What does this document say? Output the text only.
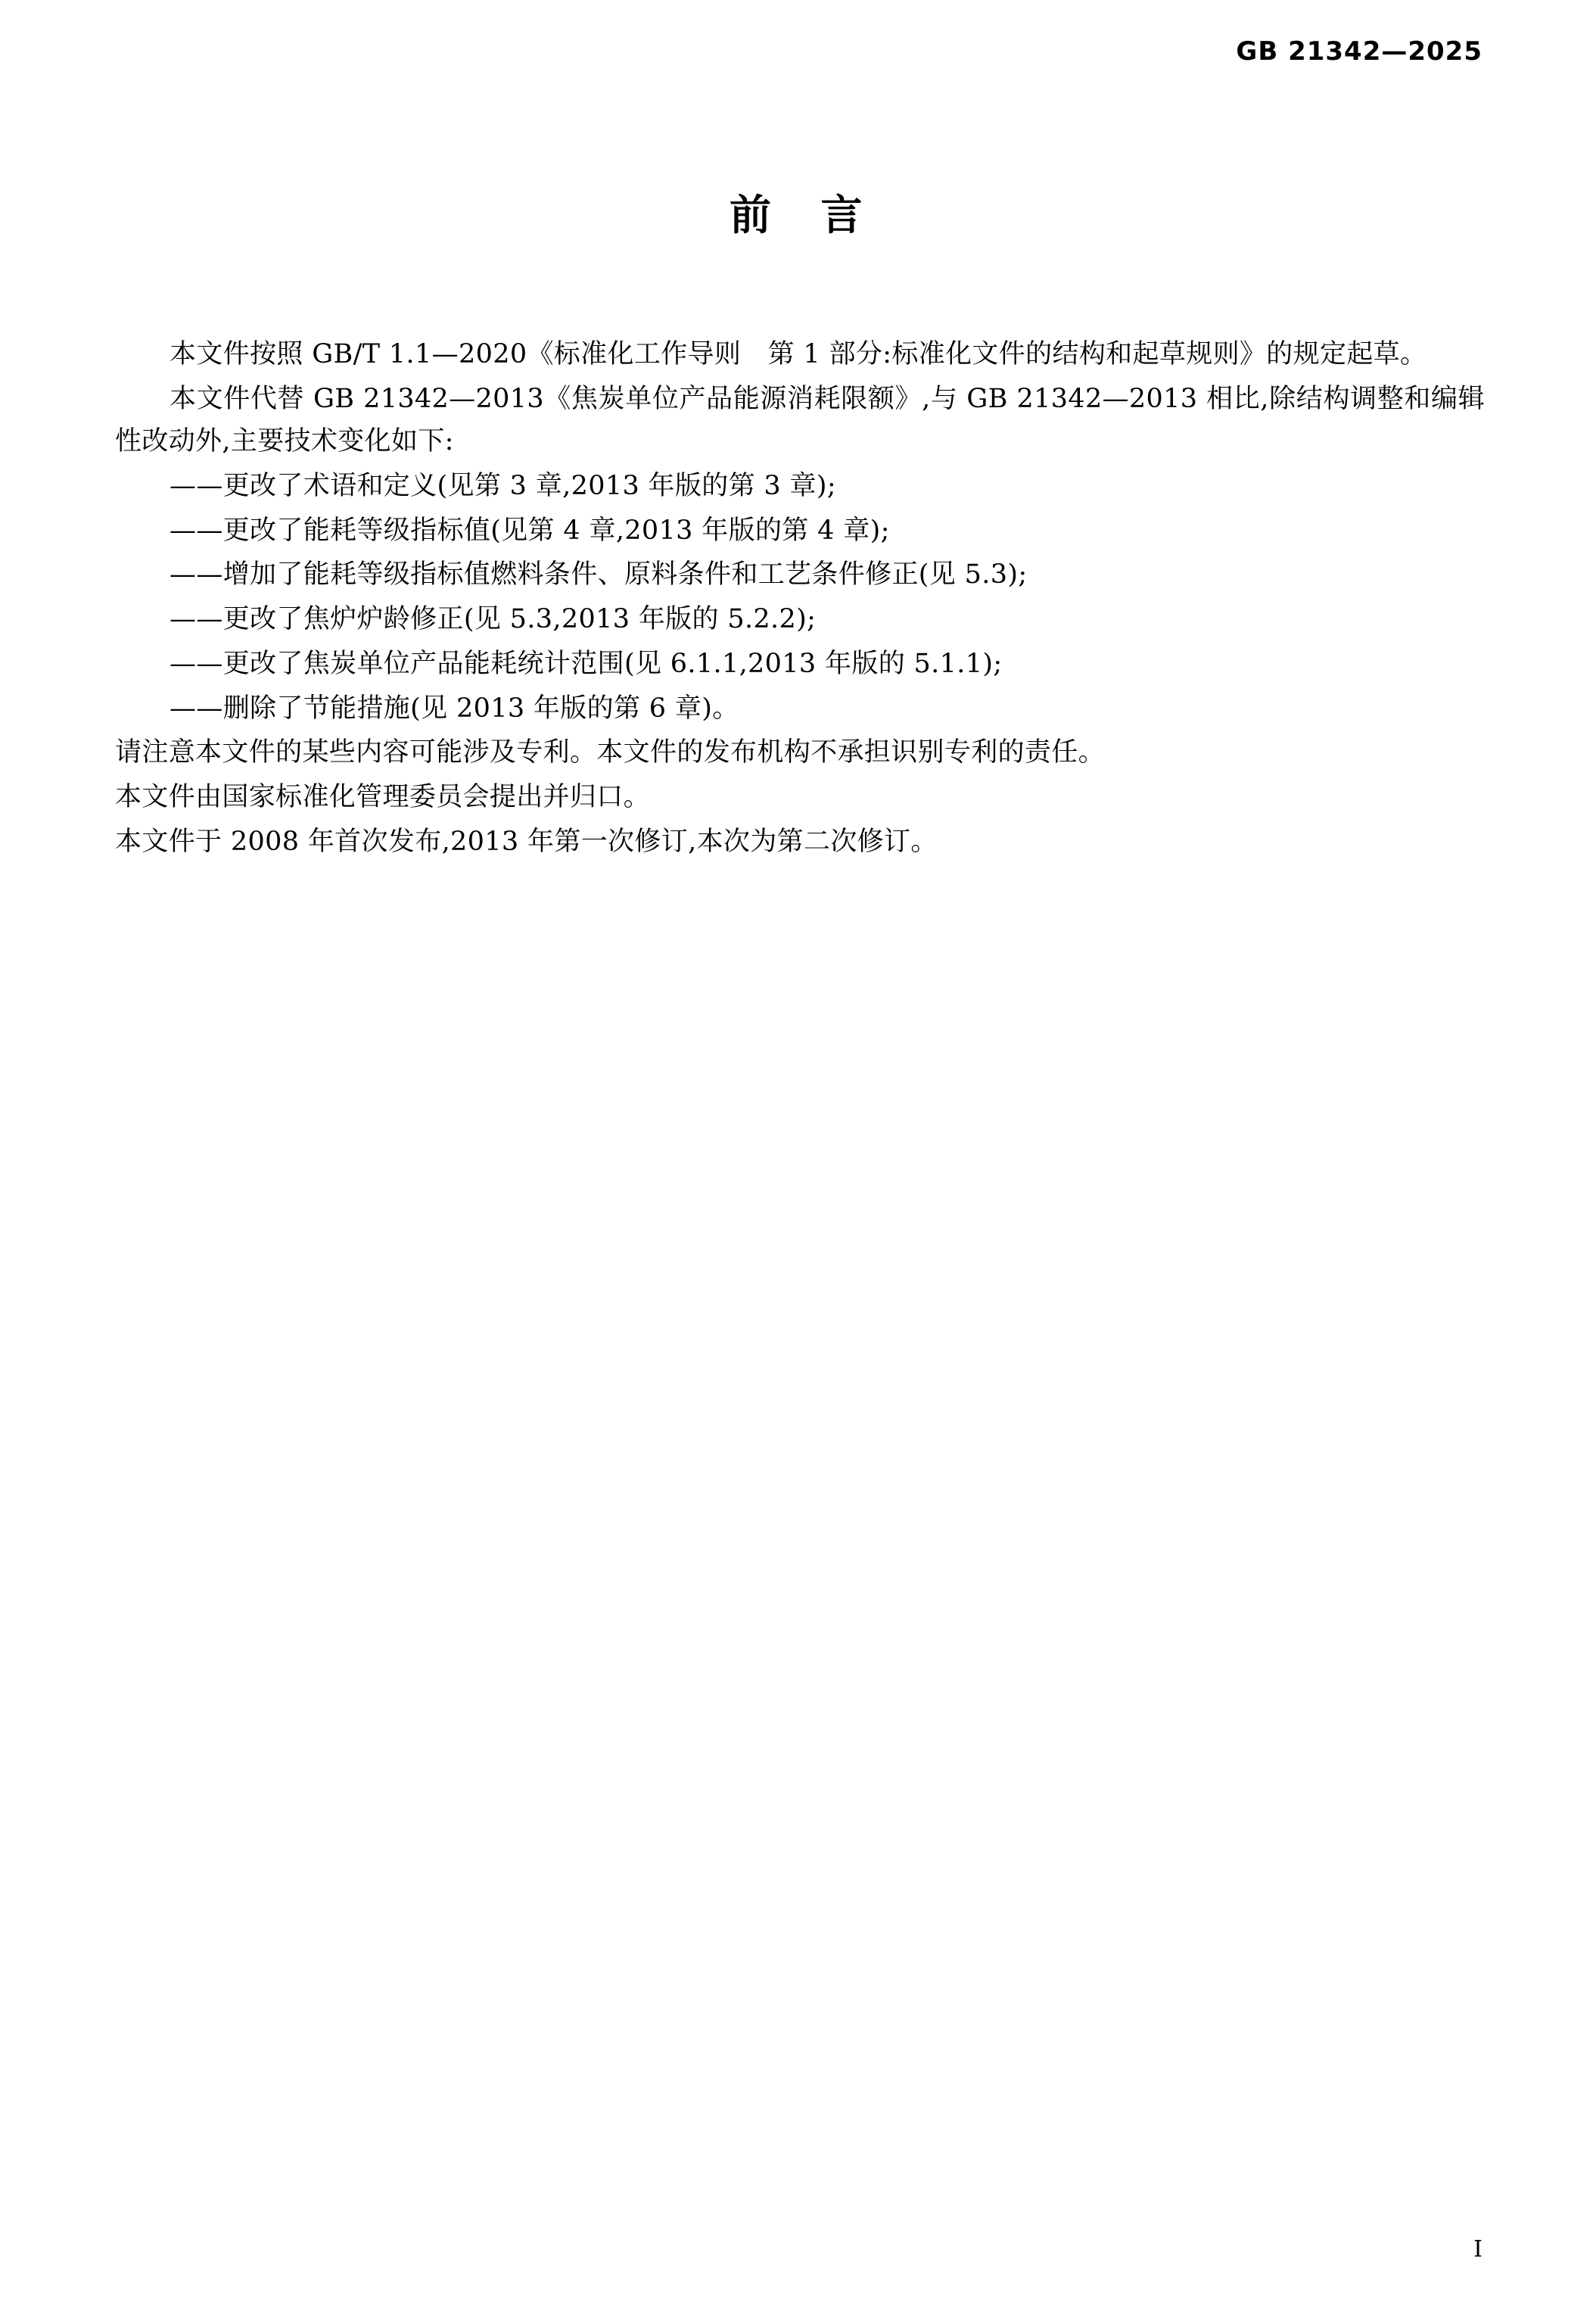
GB 21342—2025
前 言

本文件按照 GB/T 1.1—2020《标准化工作导则　第 1 部分:标准化文件的结构和起草规则》的规定起草。

本文件代替 GB 21342—2013《焦炭单位产品能源消耗限额》,与 GB 21342—2013 相比,除结构调整和编辑性改动外,主要技术变化如下:

——更改了术语和定义(见第 3 章,2013 年版的第 3 章);

——更改了能耗等级指标值(见第 4 章,2013 年版的第 4 章);

——增加了能耗等级指标值燃料条件、原料条件和工艺条件修正(见 5.3);

——更改了焦炉炉龄修正(见 5.3,2013 年版的 5.2.2);

——更改了焦炭单位产品能耗统计范围(见 6.1.1,2013 年版的 5.1.1);

——删除了节能措施(见 2013 年版的第 6 章)。

请注意本文件的某些内容可能涉及专利。本文件的发布机构不承担识别专利的责任。

本文件由国家标准化管理委员会提出并归口。

本文件于 2008 年首次发布,2013 年第一次修订,本次为第二次修订。

I
